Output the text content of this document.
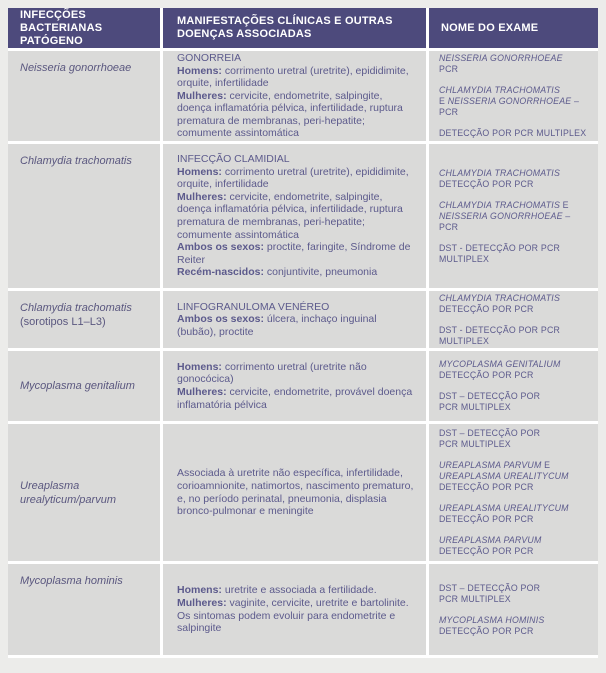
INFECÇÕES BACTERIANAS
PATÓGENO
MANIFESTAÇÕES CLÍNICAS E OUTRAS
DOENÇAS ASSOCIADAS
NOME DO EXAME
Neisseria gonorrhoeae
GONORREIA
Homens: corrimento uretral (uretrite), epididimite, orquite, infertilidade
Mulheres: cervicite, endometrite, salpingite, doença inflamatória pélvica, infertilidade, ruptura prematura de membranas, peri-hepatite; comumente assintomática
NEISSERIA GONORRHOEAE
PCR
CHLAMYDIA TRACHOMATIS
E NEISSERIA GONORRHOEAE – PCR
DETECÇÃO POR PCR MULTIPLEX
Chlamydia trachomatis	INFECÇÃO CLAMIDIAL
Homens: corrimento uretral (uretrite), epididimite, orquite, infertilidade
Mulheres: cervicite, endometrite, salpingite, doença inflamatória pélvica, infertilidade, ruptura prematura de membranas, peri-hepatite; comumente assintomática
Ambos os sexos: proctite, faringite, Síndrome de Reiter
Recém-nascidos: conjuntivite, pneumonia
CHLAMYDIA TRACHOMATIS
DETECÇÃO POR PCR
CHLAMYDIA TRACHOMATIS E
NEISSERIA GONORRHOEAE – PCR
DST - DETECÇÃO POR PCR
MULTIPLEX
Chlamydia trachomatis
(sorotipos L1–L3)
LINFOGRANULOMA VENÉREO
Ambos os sexos: úlcera, inchaço inguinal (bubão), proctite
CHLAMYDIA TRACHOMATIS
DETECÇÃO POR PCR
DST - DETECÇÃO POR PCR
MULTIPLEX
Mycoplasma genitalium
Homens: corrimento uretral (uretrite não gonocócica)
Mulheres: cervicite, endometrite, provável doença inflamatória pélvica
MYCOPLASMA GENITALIUM
DETECÇÃO POR PCR
DST – DETECÇÃO POR
PCR MULTIPLEX
Ureaplasma
urealyticum/parvum
Associada à uretrite não específica, infertilidade, corioamnionite, natimortos, nascimento prematuro, e, no período perinatal, pneumonia, displasia bronco-pulmonar e meningite
DST – DETECÇÃO POR
PCR MULTIPLEX
UREAPLASMA PARVUM E
UREAPLASMA UREALITYCUM
DETECÇÃO POR PCR
UREAPLASMA UREALITYCUM
DETECÇÃO POR PCR
UREAPLASMA PARVUM
DETECÇÃO POR PCR
Mycoplasma hominis
Homens: uretrite e associada a fertilidade.
Mulheres: vaginite, cervicite, uretrite e bartolinite. Os sintomas podem evoluir para endometrite e salpingite
DST – DETECÇÃO POR
PCR MULTIPLEX
MYCOPLASMA HOMINIS
DETECÇÃO POR PCR
